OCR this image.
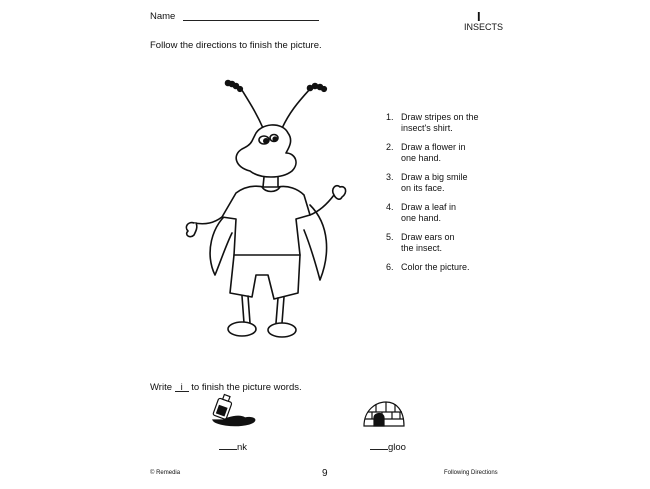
Name	I
INSECTS
Follow the directions to finish the picture.
1. Draw stripes on the
insect's shirt.
2. Draw a flower in
one hand.
3. Draw a big smile
on its face.
4. Draw a leaf in
one hand.
5. Draw ears on
the insect.
6. Color the picture.
Write i to finish the picture words.
nk	gloo
© Remedia	9	Following Directions
